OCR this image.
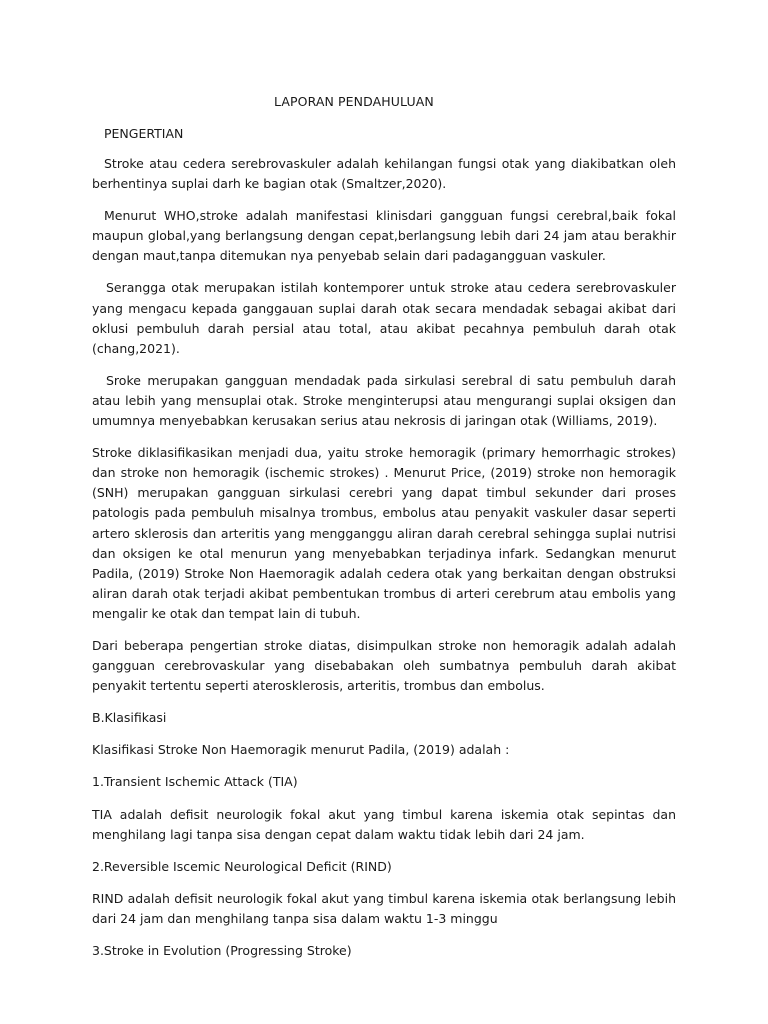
LAPORAN PENDAHULUAN
PENGERTIAN

Stroke atau cedera serebrovaskuler adalah kehilangan fungsi otak yang diakibatkan oleh berhentinya suplai darh ke bagian otak (Smaltzer,2020).

Menurut WHO,stroke adalah manifestasi klinisdari gangguan fungsi cerebral,baik fokal maupun global,yang berlangsung dengan cepat,berlangsung lebih dari 24 jam atau berakhir dengan maut,tanpa ditemukan nya penyebab selain dari padagangguan vaskuler.

Serangga otak merupakan istilah kontemporer untuk stroke atau cedera serebrovaskuler yang mengacu kepada ganggauan suplai darah otak secara mendadak sebagai akibat dari oklusi pembuluh darah persial atau total, atau akibat pecahnya pembuluh darah otak (chang,2021).

Sroke merupakan gangguan mendadak pada sirkulasi serebral di satu pembuluh darah atau lebih yang mensuplai otak. Stroke menginterupsi atau mengurangi suplai oksigen dan umumnya menyebabkan kerusakan serius atau nekrosis di jaringan otak (Williams, 2019).

Stroke diklasifikasikan menjadi dua, yaitu stroke hemoragik (primary hemorrhagic strokes) dan stroke non hemoragik (ischemic strokes) . Menurut Price, (2019) stroke non hemoragik (SNH) merupakan gangguan sirkulasi cerebri yang dapat timbul sekunder dari proses patologis pada pembuluh misalnya trombus, embolus atau penyakit vaskuler dasar seperti artero sklerosis dan arteritis yang mengganggu aliran darah cerebral sehingga suplai nutrisi dan oksigen ke otal menurun yang menyebabkan terjadinya infark. Sedangkan menurut Padila, (2019) Stroke Non Haemoragik adalah cedera otak yang berkaitan dengan obstruksi aliran darah otak terjadi akibat pembentukan trombus di arteri cerebrum atau embolis yang mengalir ke otak dan tempat lain di tubuh.

Dari beberapa pengertian stroke diatas, disimpulkan stroke non hemoragik adalah adalah gangguan cerebrovaskular yang disebabakan oleh sumbatnya pembuluh darah akibat penyakit tertentu seperti aterosklerosis, arteritis, trombus dan embolus.

B.Klasifikasi

Klasifikasi Stroke Non Haemoragik menurut Padila, (2019) adalah :

1.Transient Ischemic Attack (TIA)

TIA adalah defisit neurologik fokal akut yang timbul karena iskemia otak sepintas dan menghilang lagi tanpa sisa dengan cepat dalam waktu tidak lebih dari 24 jam.

2.Reversible Iscemic Neurological Deficit (RIND)

RIND adalah defisit neurologik fokal akut yang timbul karena iskemia otak berlangsung lebih dari 24 jam dan menghilang tanpa sisa dalam waktu 1-3 minggu

3.Stroke in Evolution (Progressing Stroke)
